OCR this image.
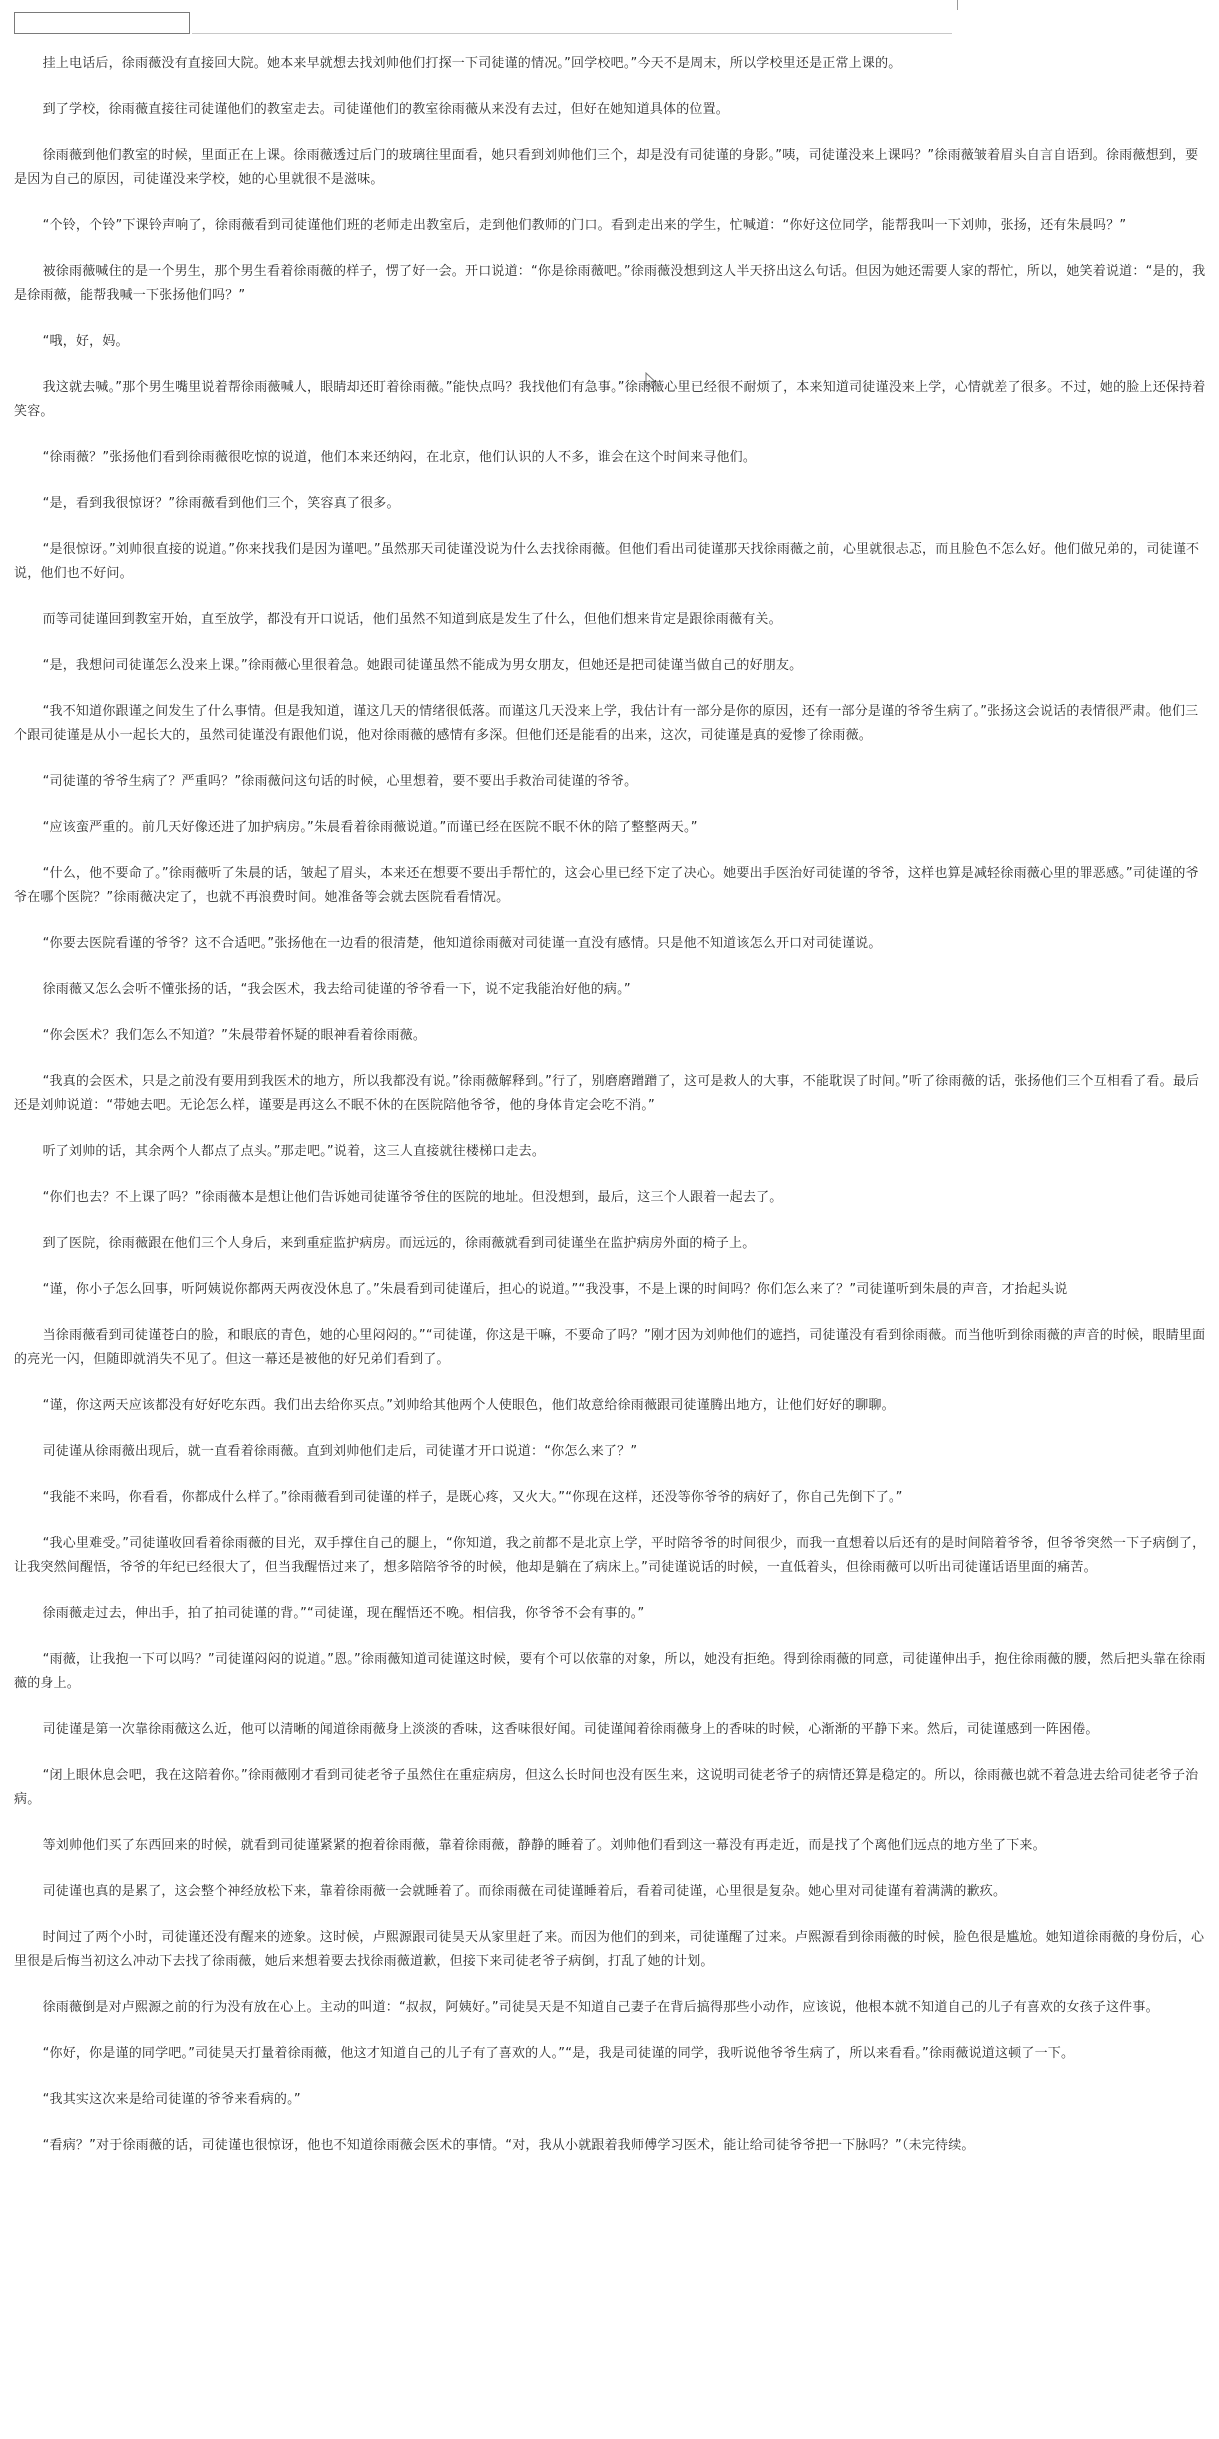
挂上电话后，徐雨薇没有直接回大院。她本来早就想去找刘帅他们打探一下司徒谨的情况。”回学校吧。”今天不是周末，所以学校里还是正常上课的。

到了学校，徐雨薇直接往司徒谨他们的教室走去。司徒谨他们的教室徐雨薇从来没有去过，但好在她知道具体的位置。

徐雨薇到他们教室的时候，里面正在上课。徐雨薇透过后门的玻璃往里面看，她只看到刘帅他们三个，却是没有司徒谨的身影。”咦，司徒谨没来上课吗？”徐雨薇皱着眉头自言自语到。徐雨薇想到，要是因为自己的原因，司徒谨没来学校，她的心里就很不是滋味。

“个铃，个铃”下课铃声响了，徐雨薇看到司徒谨他们班的老师走出教室后，走到他们教师的门口。看到走出来的学生，忙喊道：“你好这位同学，能帮我叫一下刘帅，张扬，还有朱晨吗？”

被徐雨薇喊住的是一个男生，那个男生看着徐雨薇的样子，愣了好一会。开口说道：“你是徐雨薇吧。”徐雨薇没想到这人半天挤出这么句话。但因为她还需要人家的帮忙，所以，她笑着说道：“是的，我是徐雨薇，能帮我喊一下张扬他们吗？”

“哦，好，妈。

我这就去喊。”那个男生嘴里说着帮徐雨薇喊人，眼睛却还盯着徐雨薇。”能快点吗？我找他们有急事。”徐雨薇心里已经很不耐烦了，本来知道司徒谨没来上学，心情就差了很多。不过，她的脸上还保持着笑容。

“徐雨薇？”张扬他们看到徐雨薇很吃惊的说道，他们本来还纳闷，在北京，他们认识的人不多，谁会在这个时间来寻他们。

“是，看到我很惊讶？”徐雨薇看到他们三个，笑容真了很多。

“是很惊讶。”刘帅很直接的说道。”你来找我们是因为谨吧。”虽然那天司徒谨没说为什么去找徐雨薇。但他们看出司徒谨那天找徐雨薇之前，心里就很忐忑，而且脸色不怎么好。他们做兄弟的，司徒谨不说，他们也不好问。

而等司徒谨回到教室开始，直至放学，都没有开口说话，他们虽然不知道到底是发生了什么，但他们想来肯定是跟徐雨薇有关。

“是，我想问司徒谨怎么没来上课。”徐雨薇心里很着急。她跟司徒谨虽然不能成为男女朋友，但她还是把司徒谨当做自己的好朋友。

“我不知道你跟谨之间发生了什么事情。但是我知道，谨这几天的情绪很低落。而谨这几天没来上学，我估计有一部分是你的原因，还有一部分是谨的爷爷生病了。”张扬这会说话的表情很严肃。他们三个跟司徒谨是从小一起长大的，虽然司徒谨没有跟他们说，他对徐雨薇的感情有多深。但他们还是能看的出来，这次，司徒谨是真的爱惨了徐雨薇。

“司徒谨的爷爷生病了？严重吗？”徐雨薇问这句话的时候，心里想着，要不要出手救治司徒谨的爷爷。

“应该蛮严重的。前几天好像还进了加护病房。”朱晨看着徐雨薇说道。”而谨已经在医院不眠不休的陪了整整两天。”

“什么，他不要命了。”徐雨薇听了朱晨的话，皱起了眉头，本来还在想要不要出手帮忙的，这会心里已经下定了决心。她要出手医治好司徒谨的爷爷，这样也算是减轻徐雨薇心里的罪恶感。”司徒谨的爷爷在哪个医院？”徐雨薇决定了，也就不再浪费时间。她准备等会就去医院看看情况。

“你要去医院看谨的爷爷？这不合适吧。”张扬他在一边看的很清楚，他知道徐雨薇对司徒谨一直没有感情。只是他不知道该怎么开口对司徒谨说。

徐雨薇又怎么会听不懂张扬的话，“我会医术，我去给司徒谨的爷爷看一下，说不定我能治好他的病。”

“你会医术？我们怎么不知道？”朱晨带着怀疑的眼神看着徐雨薇。

“我真的会医术，只是之前没有要用到我医术的地方，所以我都没有说。”徐雨薇解释到。”行了，别磨磨蹭蹭了，这可是救人的大事，不能耽误了时间。”听了徐雨薇的话，张扬他们三个互相看了看。最后还是刘帅说道：“带她去吧。无论怎么样，谨要是再这么不眠不休的在医院陪他爷爷，他的身体肯定会吃不消。”

听了刘帅的话，其余两个人都点了点头。”那走吧。”说着，这三人直接就往楼梯口走去。

“你们也去？不上课了吗？”徐雨薇本是想让他们告诉她司徒谨爷爷住的医院的地址。但没想到，最后，这三个人跟着一起去了。

到了医院，徐雨薇跟在他们三个人身后，来到重症监护病房。而远远的，徐雨薇就看到司徒谨坐在监护病房外面的椅子上。

“谨，你小子怎么回事，听阿姨说你都两天两夜没休息了。”朱晨看到司徒谨后，担心的说道。”“我没事，不是上课的时间吗？你们怎么来了？”司徒谨听到朱晨的声音，才抬起头说

当徐雨薇看到司徒谨苍白的脸，和眼底的青色，她的心里闷闷的。”“司徒谨，你这是干嘛，不要命了吗？”刚才因为刘帅他们的遮挡，司徒谨没有看到徐雨薇。而当他听到徐雨薇的声音的时候，眼睛里面的亮光一闪，但随即就消失不见了。但这一幕还是被他的好兄弟们看到了。

“谨，你这两天应该都没有好好吃东西。我们出去给你买点。”刘帅给其他两个人使眼色，他们故意给徐雨薇跟司徒谨腾出地方，让他们好好的聊聊。

司徒谨从徐雨薇出现后，就一直看着徐雨薇。直到刘帅他们走后，司徒谨才开口说道：“你怎么来了？”

“我能不来吗，你看看，你都成什么样了。”徐雨薇看到司徒谨的样子，是既心疼，又火大。”“你现在这样，还没等你爷爷的病好了，你自己先倒下了。”

“我心里难受。”司徒谨收回看着徐雨薇的目光，双手撑住自己的腿上，“你知道，我之前都不是北京上学，平时陪爷爷的时间很少，而我一直想着以后还有的是时间陪着爷爷，但爷爷突然一下子病倒了，让我突然间醒悟，爷爷的年纪已经很大了，但当我醒悟过来了，想多陪陪爷爷的时候，他却是躺在了病床上。”司徒谨说话的时候，一直低着头，但徐雨薇可以听出司徒谨话语里面的痛苦。

徐雨薇走过去，伸出手，拍了拍司徒谨的背。”“司徒谨，现在醒悟还不晚。相信我，你爷爷不会有事的。”

“雨薇，让我抱一下可以吗？”司徒谨闷闷的说道。”恩。”徐雨薇知道司徒谨这时候，要有个可以依靠的对象，所以，她没有拒绝。得到徐雨薇的同意，司徒谨伸出手，抱住徐雨薇的腰，然后把头靠在徐雨薇的身上。

司徒谨是第一次靠徐雨薇这么近，他可以清晰的闻道徐雨薇身上淡淡的香味，这香味很好闻。司徒谨闻着徐雨薇身上的香味的时候，心渐渐的平静下来。然后，司徒谨感到一阵困倦。

“闭上眼休息会吧，我在这陪着你。”徐雨薇刚才看到司徒老爷子虽然住在重症病房，但这么长时间也没有医生来，这说明司徒老爷子的病情还算是稳定的。所以，徐雨薇也就不着急进去给司徒老爷子治病。

等刘帅他们买了东西回来的时候，就看到司徒谨紧紧的抱着徐雨薇，靠着徐雨薇，静静的睡着了。刘帅他们看到这一幕没有再走近，而是找了个离他们远点的地方坐了下来。

司徒谨也真的是累了，这会整个神经放松下来，靠着徐雨薇一会就睡着了。而徐雨薇在司徒谨睡着后，看着司徒谨，心里很是复杂。她心里对司徒谨有着满满的歉疚。

时间过了两个小时，司徒谨还没有醒来的迹象。这时候，卢熙源跟司徒昊天从家里赶了来。而因为他们的到来，司徒谨醒了过来。卢熙源看到徐雨薇的时候，脸色很是尴尬。她知道徐雨薇的身份后，心里很是后悔当初这么冲动下去找了徐雨薇，她后来想着要去找徐雨薇道歉，但接下来司徒老爷子病倒，打乱了她的计划。

徐雨薇倒是对卢熙源之前的行为没有放在心上。主动的叫道：“叔叔，阿姨好。”司徒昊天是不知道自己妻子在背后搞得那些小动作，应该说，他根本就不知道自己的儿子有喜欢的女孩子这件事。

“你好，你是谨的同学吧。”司徒昊天打量着徐雨薇，他这才知道自己的儿子有了喜欢的人。”“是，我是司徒谨的同学，我听说他爷爷生病了，所以来看看。”徐雨薇说道这顿了一下。

“我其实这次来是给司徒谨的爷爷来看病的。”

“看病？”对于徐雨薇的话，司徒谨也很惊讶，他也不知道徐雨薇会医术的事情。“对，我从小就跟着我师傅学习医术，能让给司徒爷爷把一下脉吗？”（未完待续。
